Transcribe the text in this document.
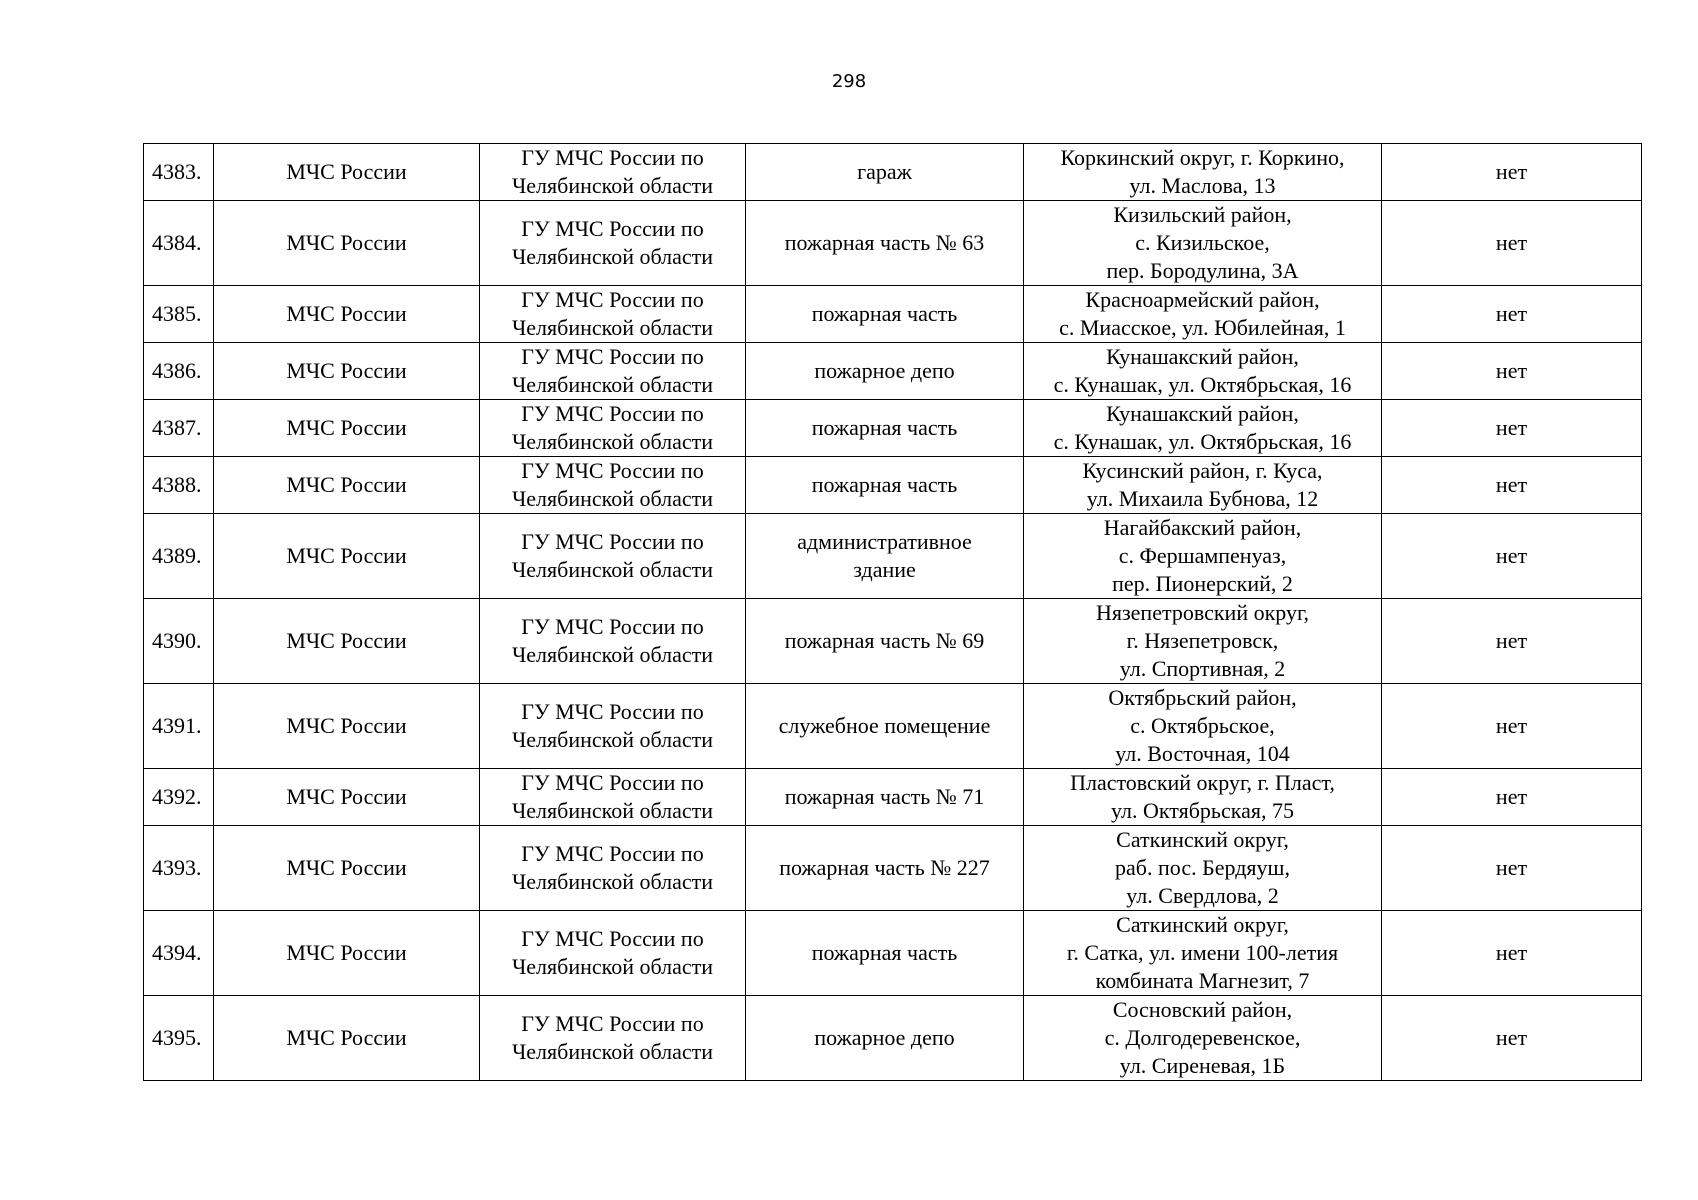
298
4383.	МЧС России	ГУ МЧС России по
Челябинской области	гараж	Коркинский округ, г. Коркино,
ул. Маслова, 13	нет
4384.	МЧС России	ГУ МЧС России по
Челябинской области	пожарная часть № 63	Кизильский район,
с. Кизильское,
пер. Бородулина, 3А	нет
4385.	МЧС России	ГУ МЧС России по
Челябинской области	пожарная часть	Красноармейский район,
с. Миасское, ул. Юбилейная, 1	нет
4386.	МЧС России	ГУ МЧС России по
Челябинской области	пожарное депо	Кунашакский район,
с. Кунашак, ул. Октябрьская, 16	нет
4387.	МЧС России	ГУ МЧС России по
Челябинской области	пожарная часть	Кунашакский район,
с. Кунашак, ул. Октябрьская, 16	нет
4388.	МЧС России	ГУ МЧС России по
Челябинской области	пожарная часть	Кусинский район, г. Куса,
ул. Михаила Бубнова, 12	нет
4389.	МЧС России	ГУ МЧС России по
Челябинской области	административное
здание	Нагайбакский район,
с. Фершампенуаз,
пер. Пионерский, 2	нет
4390.	МЧС России	ГУ МЧС России по
Челябинской области	пожарная часть № 69	Нязепетровский округ,
г. Нязепетровск,
ул. Спортивная, 2	нет
4391.	МЧС России	ГУ МЧС России по
Челябинской области	служебное помещение	Октябрьский район,
с. Октябрьское,
ул. Восточная, 104	нет
4392.	МЧС России	ГУ МЧС России по
Челябинской области	пожарная часть № 71	Пластовский округ, г. Пласт,
ул. Октябрьская, 75	нет
4393.	МЧС России	ГУ МЧС России по
Челябинской области	пожарная часть № 227	Саткинский округ,
раб. пос. Бердяуш,
ул. Свердлова, 2	нет
4394.	МЧС России	ГУ МЧС России по
Челябинской области	пожарная часть	Саткинский округ,
г. Сатка, ул. имени 100-летия
комбината Магнезит, 7	нет
4395.	МЧС России	ГУ МЧС России по
Челябинской области	пожарное депо	Сосновский район,
с. Долгодеревенское,
ул. Сиреневая, 1Б	нет
